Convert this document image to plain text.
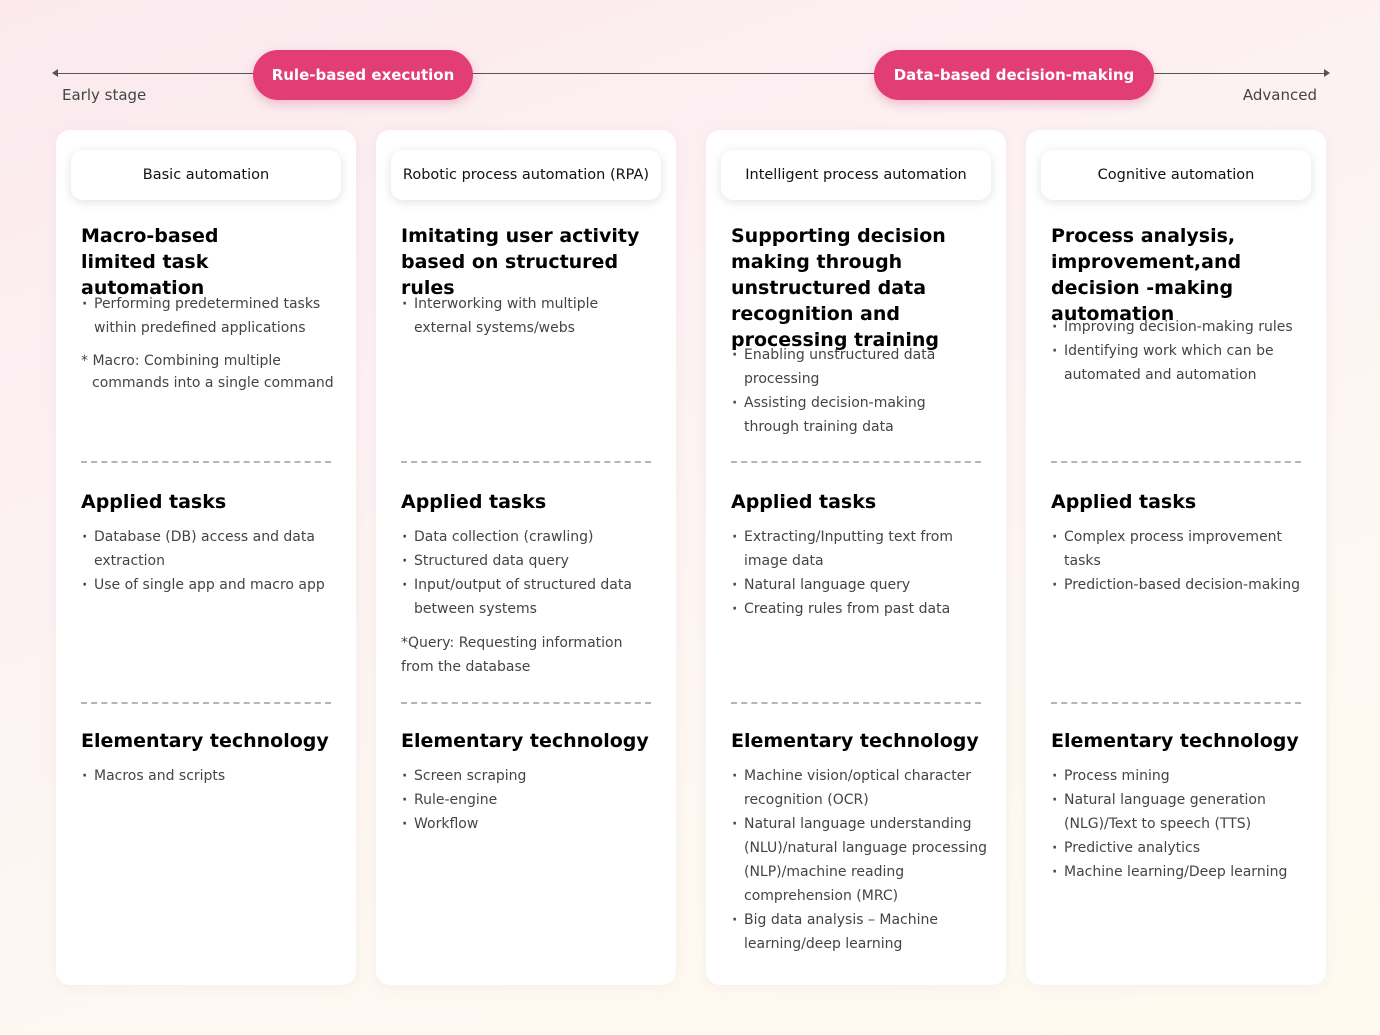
Early stage	Advanced
Rule-based execution	Data-based decision-making
Basic automation
Macro-based limited task automation
· Performing predetermined tasks within predefined applications

* Macro: Combining multiple commands into a single command

Applied tasks
· Database (DB) access and data extraction
· Use of single app and macro app
Elementary technology
· Macros and scripts
Robotic process automation (RPA)
Imitating user activity based on structured rules
· Interworking with multiple external systems/webs
Applied tasks
· Data collection (crawling)
· Structured data query
· Input/output of structured data between systems

*Query: Requesting information from the database

Elementary technology
· Screen scraping
· Rule-engine
· Workflow
Intelligent process automation
Supporting decision making through unstructured data recognition and processing training
· Enabling unstructured data processing
· Assisting decision-making through training data
Applied tasks
· Extracting/Inputting text from image data
· Natural language query
· Creating rules from past data
Elementary technology
· Machine vision/optical character recognition (OCR)
· Natural language understanding (NLU)/natural language processing (NLP)/machine reading comprehension (MRC)
· Big data analysis – Machine learning/deep learning
Cognitive automation
Process analysis, improvement,and decision -making automation
· Improving decision-making rules
· Identifying work which can be automated and automation
Applied tasks
· Complex process improvement tasks
· Prediction-based decision-making
Elementary technology
· Process mining
· Natural language generation (NLG)/Text to speech (TTS)
· Predictive analytics
· Machine learning/Deep learning
